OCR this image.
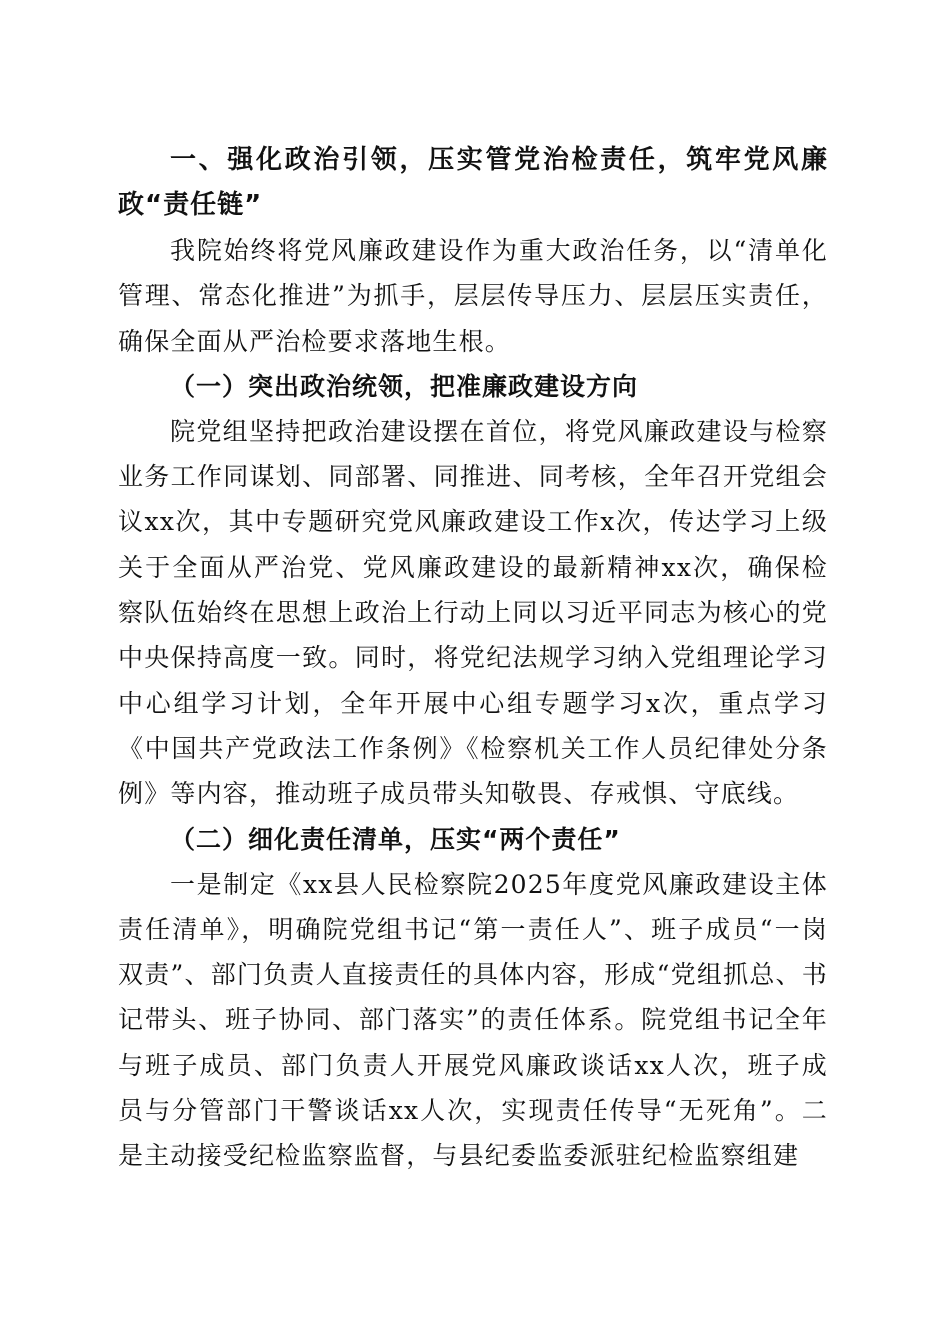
一、强化政治引领，压实管党治检责任，筑牢党风廉政“责任链”

我院始终将党风廉政建设作为重大政治任务，以“清单化管理、常态化推进”为抓手，层层传导压力、层层压实责任，确保全面从严治检要求落地生根。

（一）突出政治统领，把准廉政建设方向

院党组坚持把政治建设摆在首位，将党风廉政建设与检察业务工作同谋划、同部署、同推进、同考核，全年召开党组会议xx次，其中专题研究党风廉政建设工作x次，传达学习上级关于全面从严治党、党风廉政建设的最新精神xx次，确保检察队伍始终在思想上政治上行动上同以习近平同志为核心的党中央保持高度一致。同时，将党纪法规学习纳入党组理论学习中心组学习计划，全年开展中心组专题学习x次，重点学习《中国共产党政法工作条例》《检察机关工作人员纪律处分条例》等内容，推动班子成员带头知敬畏、存戒惧、守底线。

（二）细化责任清单，压实“两个责任”

一是制定《xx县人民检察院2025年度党风廉政建设主体责任清单》，明确院党组书记“第一责任人”、班子成员“一岗双责”、部门负责人直接责任的具体内容，形成“党组抓总、书记带头、班子协同、部门落实”的责任体系。院党组书记全年与班子成员、部门负责人开展党风廉政谈话xx人次，班子成员与分管部门干警谈话xx人次，实现责任传导“无死角”。二是主动接受纪检监察监督，与县纪委监委派驻纪检监察组建
